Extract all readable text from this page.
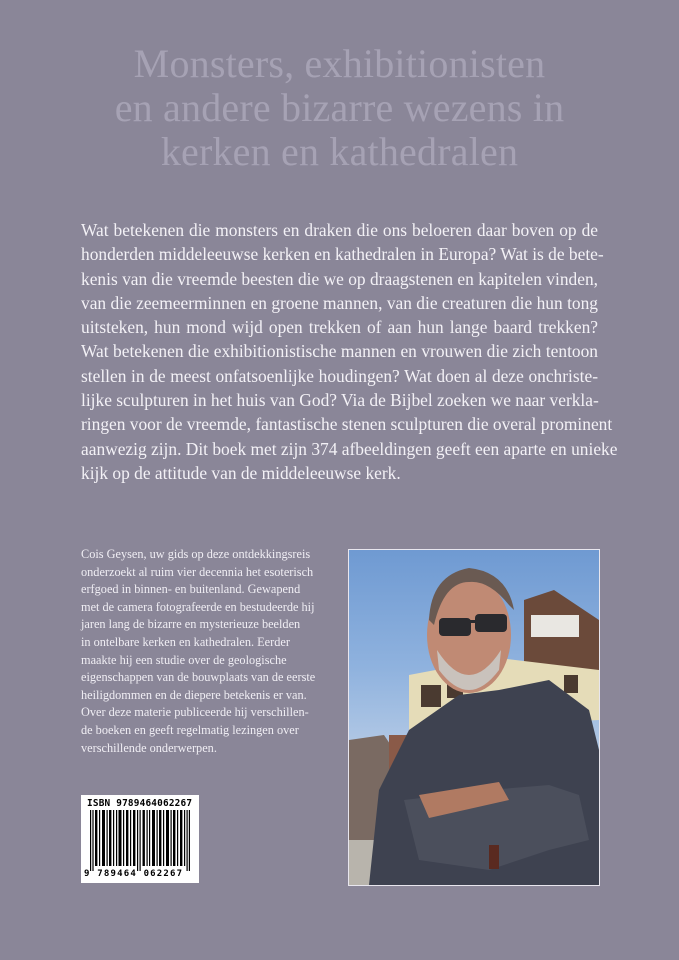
Monsters, exhibitionisten
en andere bizarre wezens in
kerken en kathedralen
Wat betekenen die monsters en draken die ons beloeren daar boven op de
honderden middeleeuwse kerken en kathedralen in Europa? Wat is de bete-
kenis van die vreemde beesten die we op draagstenen en kapitelen vinden,
van die zeemeerminnen en groene mannen, van die creaturen die hun tong
uitsteken, hun mond wijd open trekken of aan hun lange baard trekken?
Wat betekenen die exhibitionistische mannen en vrouwen die zich tentoon
stellen in de meest onfatsoenlijke houdingen? Wat doen al deze onchriste-
lijke sculpturen in het huis van God? Via de Bijbel zoeken we naar verkla-
ringen voor de vreemde, fantastische stenen sculpturen die overal prominent
aanwezig zijn. Dit boek met zijn 374 afbeeldingen geeft een aparte en unieke
kijk op de attitude van de middeleeuwse kerk.
Cois Geysen, uw gids op deze ontdekkingsreis
onderzoekt al ruim vier decennia het esoterisch
erfgoed in binnen- en buitenland. Gewapend
met de camera fotografeerde en bestudeerde hij
jaren lang de bizarre en mysterieuze beelden
in ontelbare kerken en kathedralen. Eerder
maakte hij een studie over de geologische
eigenschappen van de bouwplaats van de eerste
heiligdommen en de diepere betekenis er van.
Over deze materie publiceerde hij verschillen-
de boeken en geeft regelmatig lezingen over
verschillende onderwerpen.
ISBN 9789464062267
9 789464 062267
